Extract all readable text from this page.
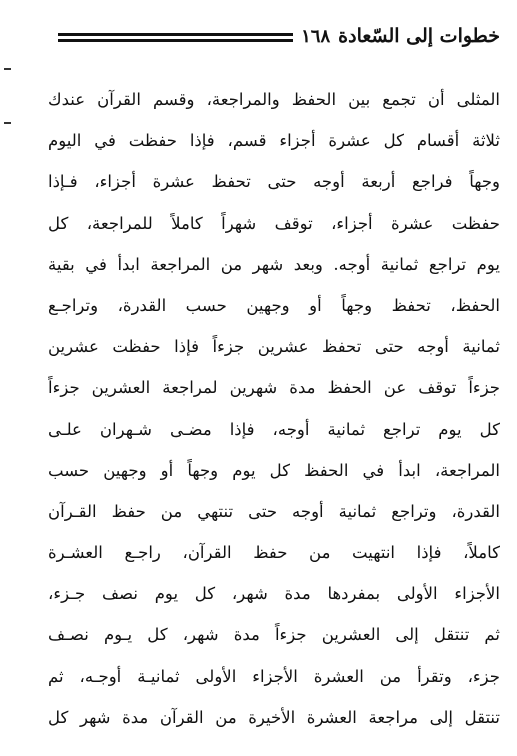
خطوات إلى السّعادة
١٦٨
المثلى أن تجمع بين الحفظ والمراجعة، وقسم القرآن عندك
ثلاثة أقسام كل عشرة أجزاء قسم، فإذا حفظت في اليوم
وجهاً فراجع أربعة أوجه حتى تحفظ عشرة أجزاء، فـإذا
حفظت عشرة أجزاء، توقف شهراً كاملاً للمراجعة، كل
يوم تراجع ثمانية أوجه. وبعد شهر من المراجعة ابدأ في بقية
الحفظ، تحفظ وجهاً أو وجهين حسب القدرة، وتراجـع
ثمانية أوجه حتى تحفظ عشرين جزءاً فإذا حفظت عشرين
جزءاً توقف عن الحفظ مدة شهرين لمراجعة العشرين جزءاً
كل يوم تراجع ثمانية أوجه، فإذا مضـى شـهران علـى
المراجعة، ابدأ في الحفظ كل يوم وجهاً أو وجهين حسب
القدرة، وتراجع ثمانية أوجه حتى تنتهي من حفظ القـرآن
كاملاً، فإذا انتهيت من حفظ القرآن، راجـع العشـرة
الأجزاء الأولى بمفردها مدة شهر، كل يوم نصف جـزء،
ثم تنتقل إلى العشرين جزءاً مدة شهر، كل يـوم نصـف
جزء، وتقرأ من العشرة الأجزاء الأولى ثمانيـة أوجـه، ثم
تنتقل إلى مراجعة العشرة الأخيرة من القرآن مدة شهر كل
